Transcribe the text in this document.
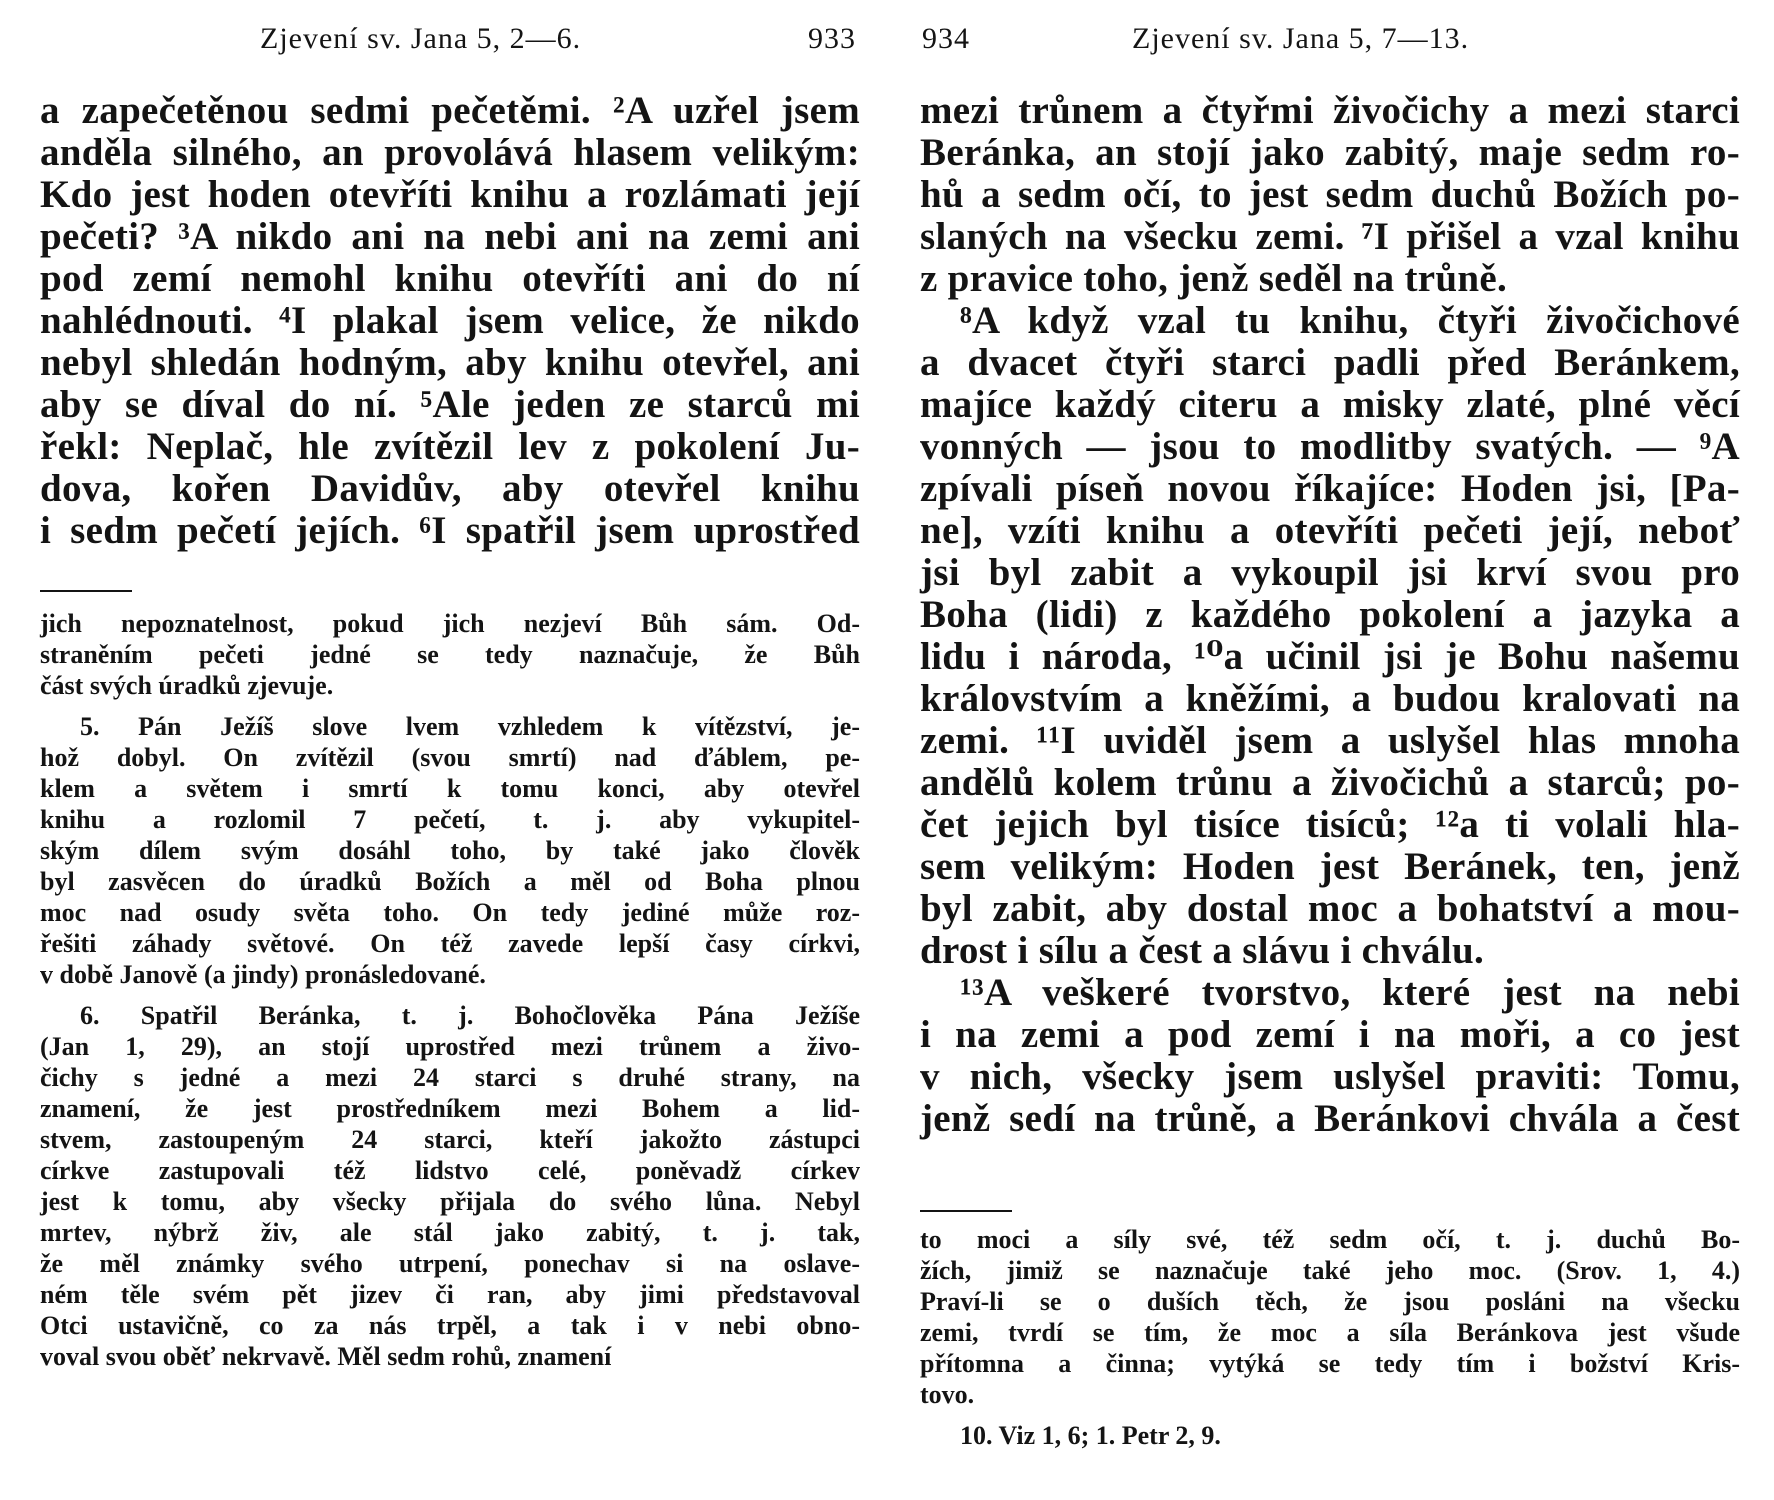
Zjevení sv. Jana 5, 2—6.	933
a zapečetěnou sedmi pečetěmi. ²A uzřel jsem
anděla silného, an provolává hlasem velikým:
Kdo jest hoden otevříti knihu a rozlámati její
pečeti? ³A nikdo ani na nebi ani na zemi ani
pod zemí nemohl knihu otevříti ani do ní
nahlédnouti. ⁴I plakal jsem velice, že nikdo
nebyl shledán hodným, aby knihu otevřel, ani
aby se díval do ní. ⁵Ale jeden ze starců mi
řekl: Neplač, hle zvítězil lev z pokolení Ju-
dova, kořen Davidův, aby otevřel knihu
i sedm pečetí jejích. ⁶I spatřil jsem uprostřed
jich nepoznatelnost, pokud jich nezjeví Bůh sám. Od-
straněním pečeti jedné se tedy naznačuje, že Bůh
část svých úradků zjevuje.
5. Pán Ježíš slove lvem vzhledem k vítězství, je-
hož dobyl. On zvítězil (svou smrtí) nad ďáblem, pe-
klem a světem i smrtí k tomu konci, aby otevřel
knihu a rozlomil 7 pečetí, t. j. aby vykupitel-
ským dílem svým dosáhl toho, by také jako člověk
byl zasvěcen do úradků Božích a měl od Boha plnou
moc nad osudy světa toho. On tedy jediné může roz-
řešiti záhady světové. On též zavede lepší časy církvi,
v době Janově (a jindy) pronásledované.
6. Spatřil Beránka, t. j. Bohočlověka Pána Ježíše
(Jan 1, 29), an stojí uprostřed mezi trůnem a živo-
čichy s jedné a mezi 24 starci s druhé strany, na
znamení, že jest prostředníkem mezi Bohem a lid-
stvem, zastoupeným 24 starci, kteří jakožto zástupci
církve zastupovali též lidstvo celé, poněvadž církev
jest k tomu, aby všecky přijala do svého lůna. Nebyl
mrtev, nýbrž živ, ale stál jako zabitý, t. j. tak,
že měl známky svého utrpení, ponechav si na oslave-
ném těle svém pět jizev či ran, aby jimi představoval
Otci ustavičně, co za nás trpěl, a tak i v nebi obno-
voval svou oběť nekrvavě. Měl sedm rohů, znamení
934	Zjevení sv. Jana 5, 7—13.
mezi trůnem a čtyřmi živočichy a mezi starci
Beránka, an stojí jako zabitý, maje sedm ro-
hů a sedm očí, to jest sedm duchů Božích po-
slaných na všecku zemi. ⁷I přišel a vzal knihu
z pravice toho, jenž seděl na trůně.
⁸A když vzal tu knihu, čtyři živočichové
a dvacet čtyři starci padli před Beránkem,
majíce každý citeru a misky zlaté, plné věcí
vonných — jsou to modlitby svatých. — ⁹A
zpívali píseň novou říkajíce: Hoden jsi, [Pa-
ne], vzíti knihu a otevříti pečeti její, neboť
jsi byl zabit a vykoupil jsi krví svou pro
Boha (lidi) z každého pokolení a jazyka a
lidu i národa, ¹⁰a učinil jsi je Bohu našemu
královstvím a kněžími, a budou kralovati na
zemi. ¹¹I uviděl jsem a uslyšel hlas mnoha
andělů kolem trůnu a živočichů a starců; po-
čet jejich byl tisíce tisíců; ¹²a ti volali hla-
sem velikým: Hoden jest Beránek, ten, jenž
byl zabit, aby dostal moc a bohatství a mou-
drost i sílu a čest a slávu i chválu.
¹³A veškeré tvorstvo, které jest na nebi
i na zemi a pod zemí i na moři, a co jest
v nich, všecky jsem uslyšel praviti: Tomu,
jenž sedí na trůně, a Beránkovi chvála a čest
to moci a síly své, též sedm očí, t. j. duchů Bo-
žích, jimiž se naznačuje také jeho moc. (Srov. 1, 4.)
Praví-li se o duších těch, že jsou posláni na všecku
zemi, tvrdí se tím, že moc a síla Beránkova jest všude
přítomna a činna; vytýká se tedy tím i božství Kris-
tovo.
10. Viz 1, 6; 1. Petr 2, 9.
